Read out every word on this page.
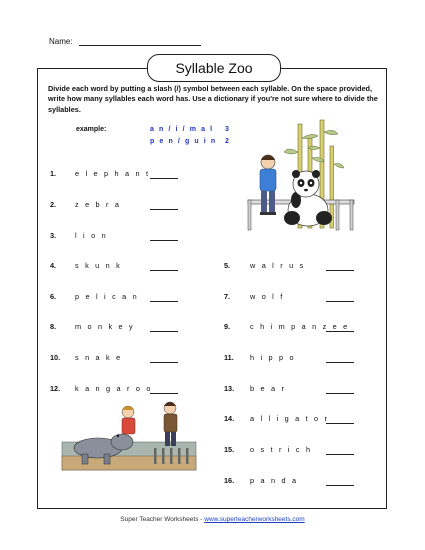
Name:
Syllable Zoo
Divide each word by putting a slash (/) symbol between each syllable. On the space provided, write how many syllables each word has. Use a dictionary if you're not sure where to divide the syllables.
example:	a n / i / m a l 3
p e n / g u i n 2
1.	e l e p h a n t
2.	z e b r a
3.	l i o n
4.	s k u n k
6.	p e l i c a n
8.	m o n k e y
10. s n a k e
12. k a n g a r o o
5.	w a l r u s
7.	w o l f
9.	c h i m p a n z e e
11. h i p p o
13. b e a r
14. a l l i g a t o r
15. o s t r i c h
16. p a n d a
Super Teacher Worksheets - www.superteacherworksheets.com
